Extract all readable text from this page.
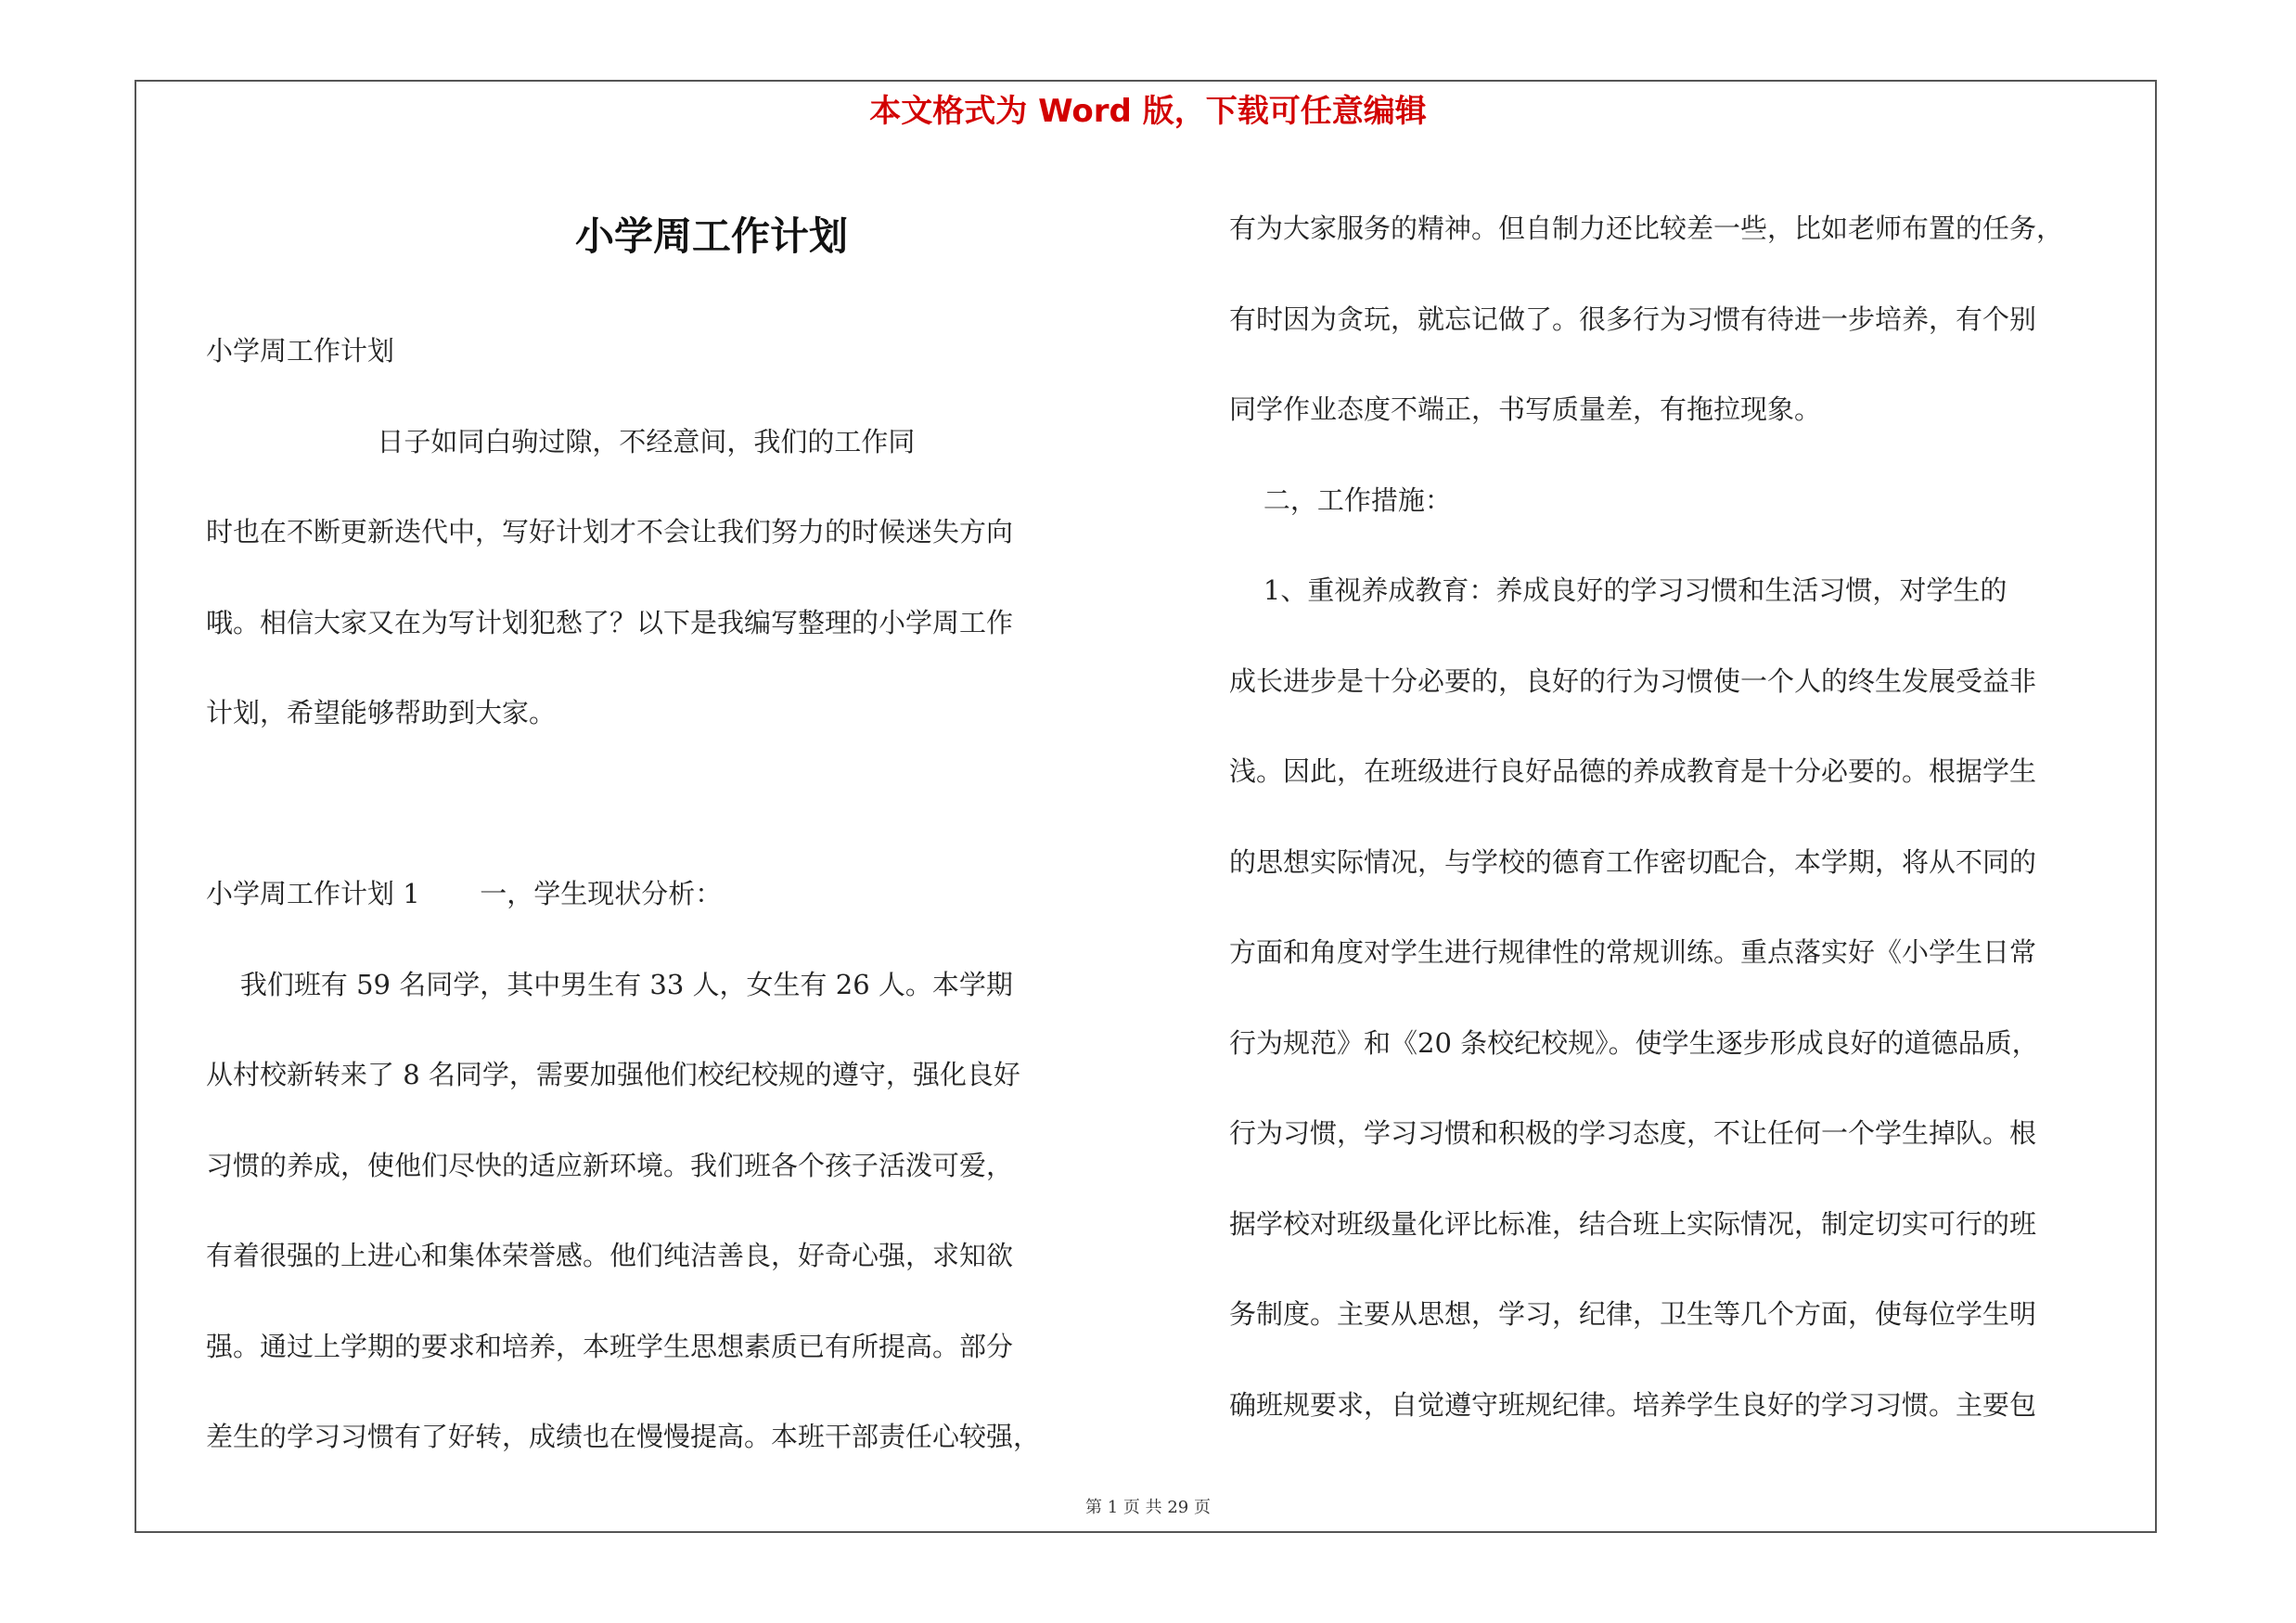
本文格式为 Word 版，下载可任意编辑
小学周工作计划
小学周工作计划
日子如同白驹过隙，不经意间，我们的工作同
时也在不断更新迭代中，写好计划才不会让我们努力的时候迷失方向
哦。相信大家又在为写计划犯愁了？以下是我编写整理的小学周工作
计划，希望能够帮助到大家。
小学周工作计划 1       一，学生现状分析：
我们班有 59 名同学，其中男生有 33 人，女生有 26 人。本学期
从村校新转来了 8 名同学，需要加强他们校纪校规的遵守，强化良好
习惯的养成，使他们尽快的适应新环境。我们班各个孩子活泼可爱，
有着很强的上进心和集体荣誉感。他们纯洁善良，好奇心强，求知欲
强。通过上学期的要求和培养，本班学生思想素质已有所提高。部分
差生的学习习惯有了好转，成绩也在慢慢提高。本班干部责任心较强，
有为大家服务的精神。但自制力还比较差一些，比如老师布置的任务，
有时因为贪玩，就忘记做了。很多行为习惯有待进一步培养，有个别
同学作业态度不端正，书写质量差，有拖拉现象。
二，工作措施：
1、重视养成教育：养成良好的学习习惯和生活习惯，对学生的
成长进步是十分必要的，良好的行为习惯使一个人的终生发展受益非
浅。因此，在班级进行良好品德的养成教育是十分必要的。根据学生
的思想实际情况，与学校的德育工作密切配合，本学期，将从不同的
方面和角度对学生进行规律性的常规训练。重点落实好《小学生日常
行为规范》和《20 条校纪校规》。使学生逐步形成良好的道德品质，
行为习惯，学习习惯和积极的学习态度，不让任何一个学生掉队。根
据学校对班级量化评比标准，结合班上实际情况，制定切实可行的班
务制度。主要从思想，学习，纪律，卫生等几个方面，使每位学生明
确班规要求，自觉遵守班规纪律。培养学生良好的学习习惯。主要包
第 1 页 共 29 页
